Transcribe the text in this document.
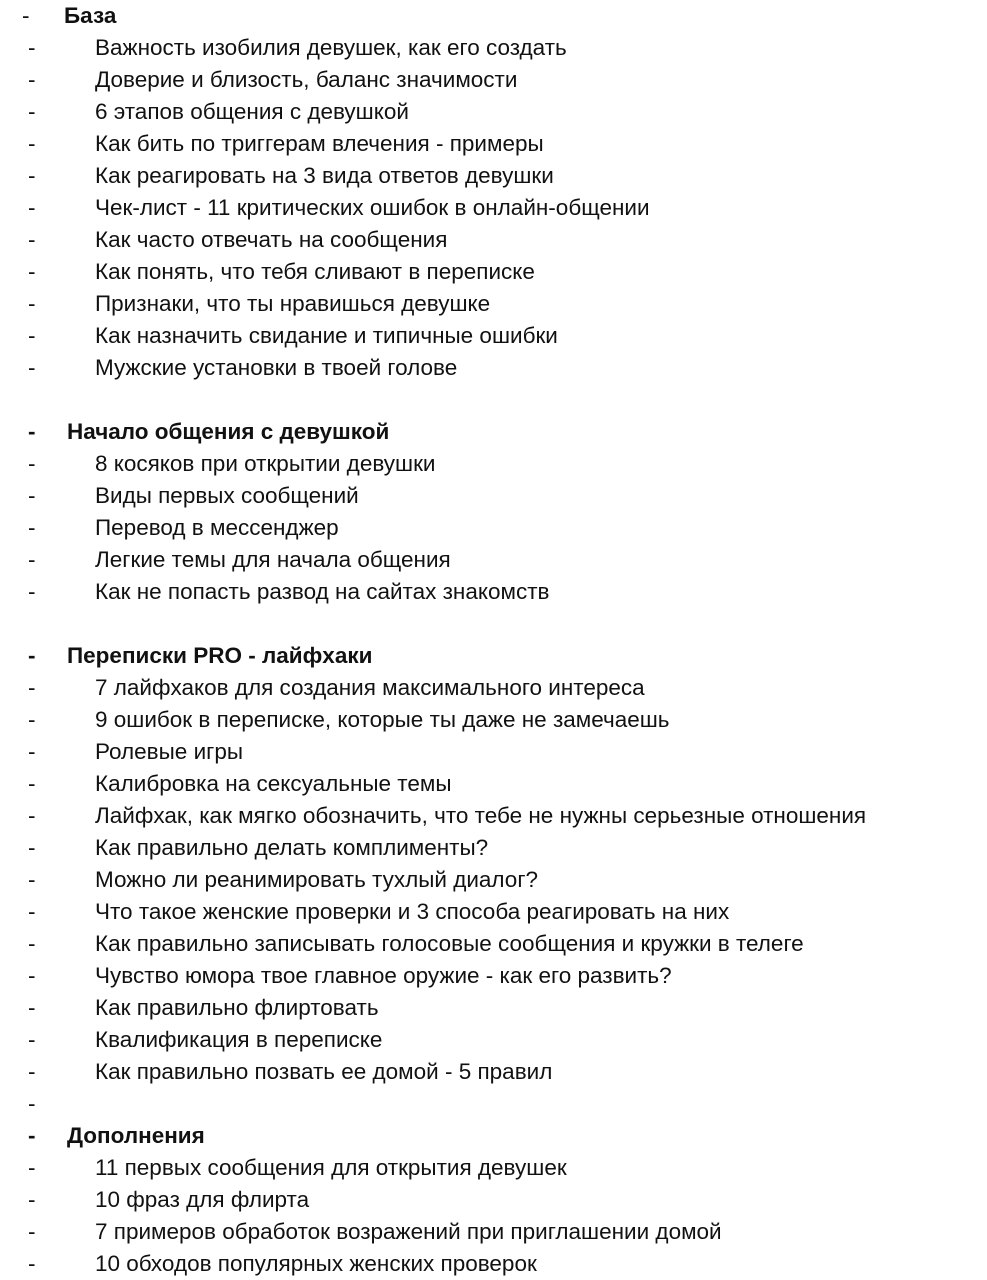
- База
-	Важность изобилия девушек, как его создать
-	Доверие и близость, баланс значимости
-	6 этапов общения с девушкой
-	Как бить по триггерам влечения - примеры
-	Как реагировать на 3 вида ответов девушки
-	Чек-лист - 11 критических ошибок в онлайн-общении
-	Как часто отвечать на сообщения
-	Как понять, что тебя сливают в переписке
-	Признаки, что ты нравишься девушке
-	Как назначить свидание и типичные ошибки
-	Мужские установки в твоей голове
- Начало общения с девушкой
-	8 косяков при открытии девушки
-	Виды первых сообщений
-	Перевод в мессенджер
-	Легкие темы для начала общения
-	Как не попасть развод на сайтах знакомств
- Переписки PRO - лайфхаки
-	7 лайфхаков для создания максимального интереса
-	9 ошибок в переписке, которые ты даже не замечаешь
-	Ролевые игры
-	Калибровка на сексуальные темы
-	Лайфхак, как мягко обозначить, что тебе не нужны серьезные отношения
-	Как правильно делать комплименты?
-	Можно ли реанимировать тухлый диалог?
-	Что такое женские проверки и 3 способа реагировать на них
-	Как правильно записывать голосовые сообщения и кружки в телеге
-	Чувство юмора твое главное оружие - как его развить?
-	Как правильно флиртовать
-	Квалификация в переписке
-	Как правильно позвать ее домой - 5 правил
-
- Дополнения
-	11 первых сообщения для открытия девушек
-	10 фраз для флирта
-	7 примеров обработок возражений при приглашении домой
-	10 обходов популярных женских проверок
